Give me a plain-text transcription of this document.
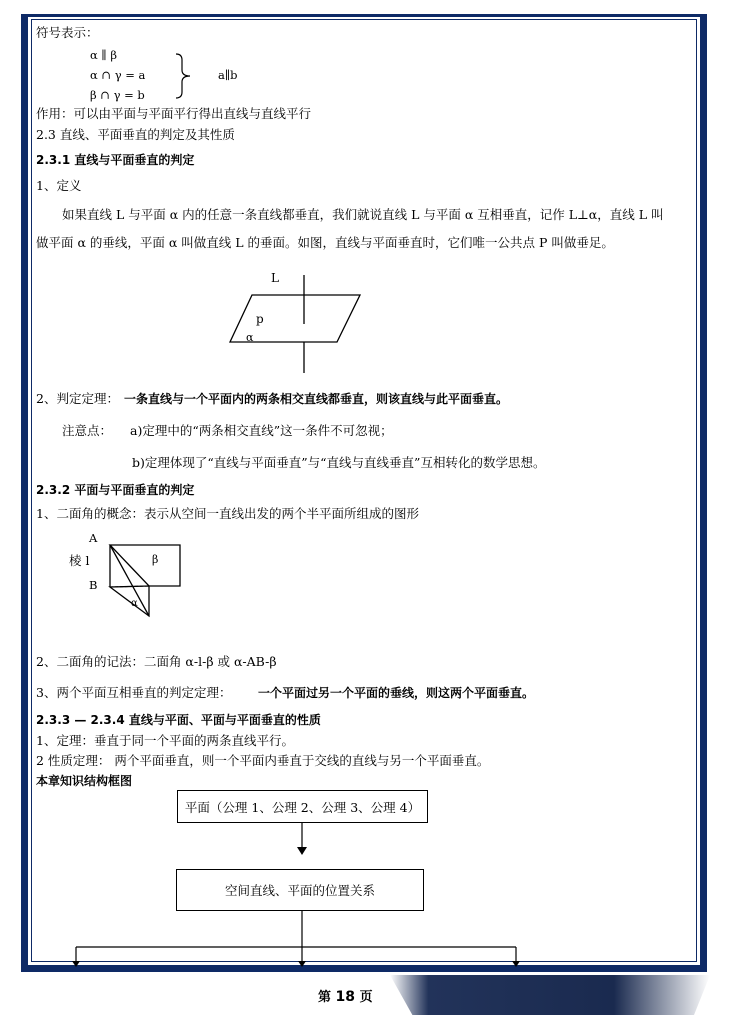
符号表示：
α ∥ β
α ∩ γ = a
β ∩ γ = b
a∥b
作用：可以由平面与平面平行得出直线与直线平行
2.3 直线、平面垂直的判定及其性质
2.3.1 直线与平面垂直的判定
1、定义
如果直线 L 与平面 α 内的任意一条直线都垂直，我们就说直线 L 与平面 α 互相垂直，记作 L⊥α，直线 L 叫
做平面 α 的垂线，平面 α 叫做直线 L 的垂面。如图，直线与平面垂直时，它们唯一公共点 P 叫做垂足。
L
p
α
2、判定定理： 一条直线与一个平面内的两条相交直线都垂直，则该直线与此平面垂直。
注意点： a)定理中的“两条相交直线”这一条件不可忽视；
b)定理体现了“直线与平面垂直”与“直线与直线垂直”互相转化的数学思想。
2.3.2 平面与平面垂直的判定
1、二面角的概念：表示从空间一直线出发的两个半平面所组成的图形
A
棱 l
B
β
α
2、二面角的记法：二面角 α-l-β 或 α-AB-β
3、两个平面互相垂直的判定定理： 一个平面过另一个平面的垂线，则这两个平面垂直。
2.3.3 — 2.3.4 直线与平面、平面与平面垂直的性质
1、定理：垂直于同一个平面的两条直线平行。
2 性质定理： 两个平面垂直，则一个平面内垂直于交线的直线与另一个平面垂直。
本章知识结构框图
平面（公理 1、公理 2、公理 3、公理 4）
空间直线、平面的位置关系
第 18 页
